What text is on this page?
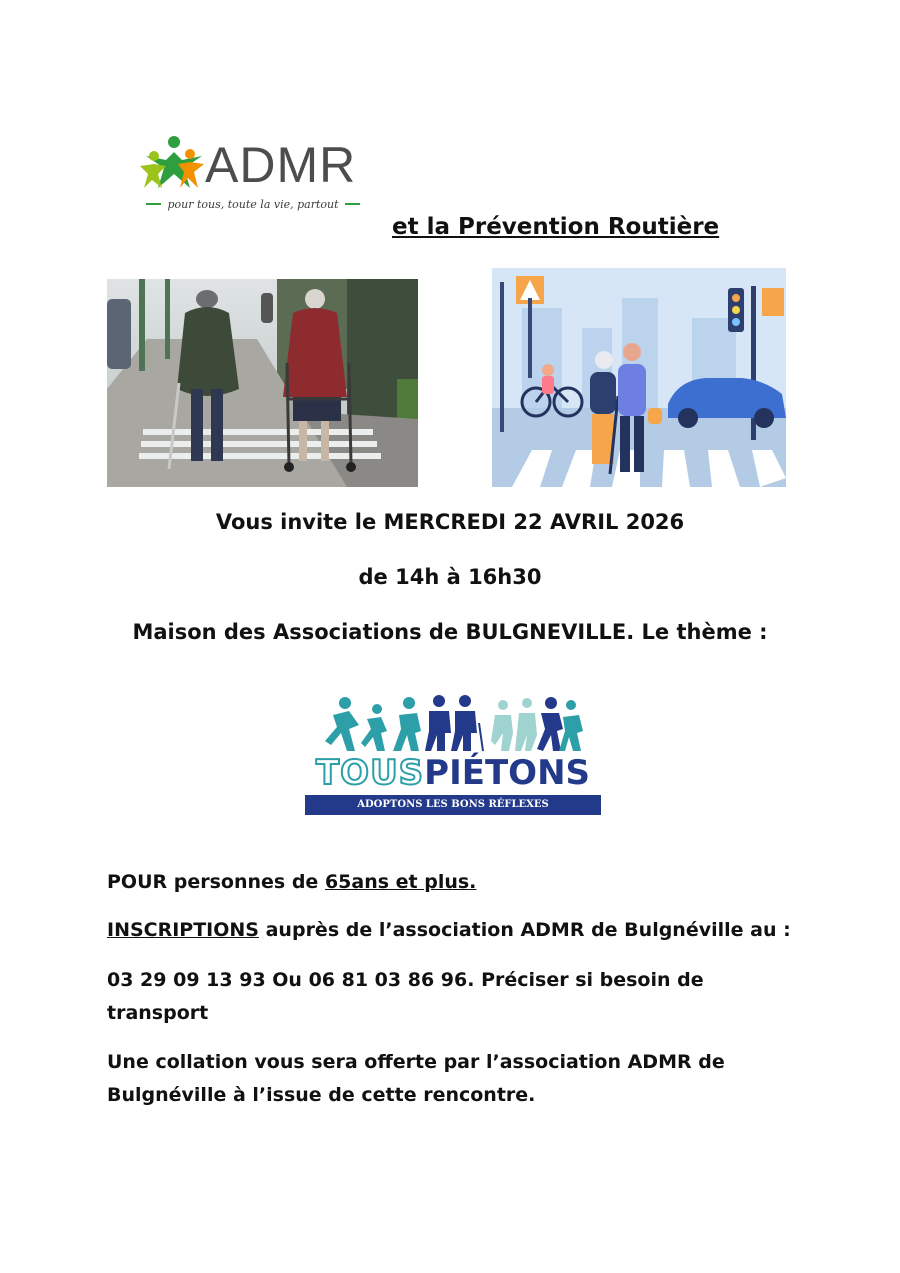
ADMR
pour tous, toute la vie, partout
et la Prévention Routière
Vous invite le MERCREDI 22 AVRIL 2026
de 14h à 16h30
Maison des Associations de BULGNEVILLE. Le thème :
TOUSPIÉTONS
ADOPTONS LES BONS RÉFLEXES
POUR personnes de 65ans et plus.
INSCRIPTIONS auprès de l’association ADMR de Bulgnéville au :
03 29 09 13 93 Ou 06 81 03 86 96. Préciser si besoin de transport
Une collation vous sera offerte par l’association ADMR de Bulgnéville à l’issue de cette rencontre.
